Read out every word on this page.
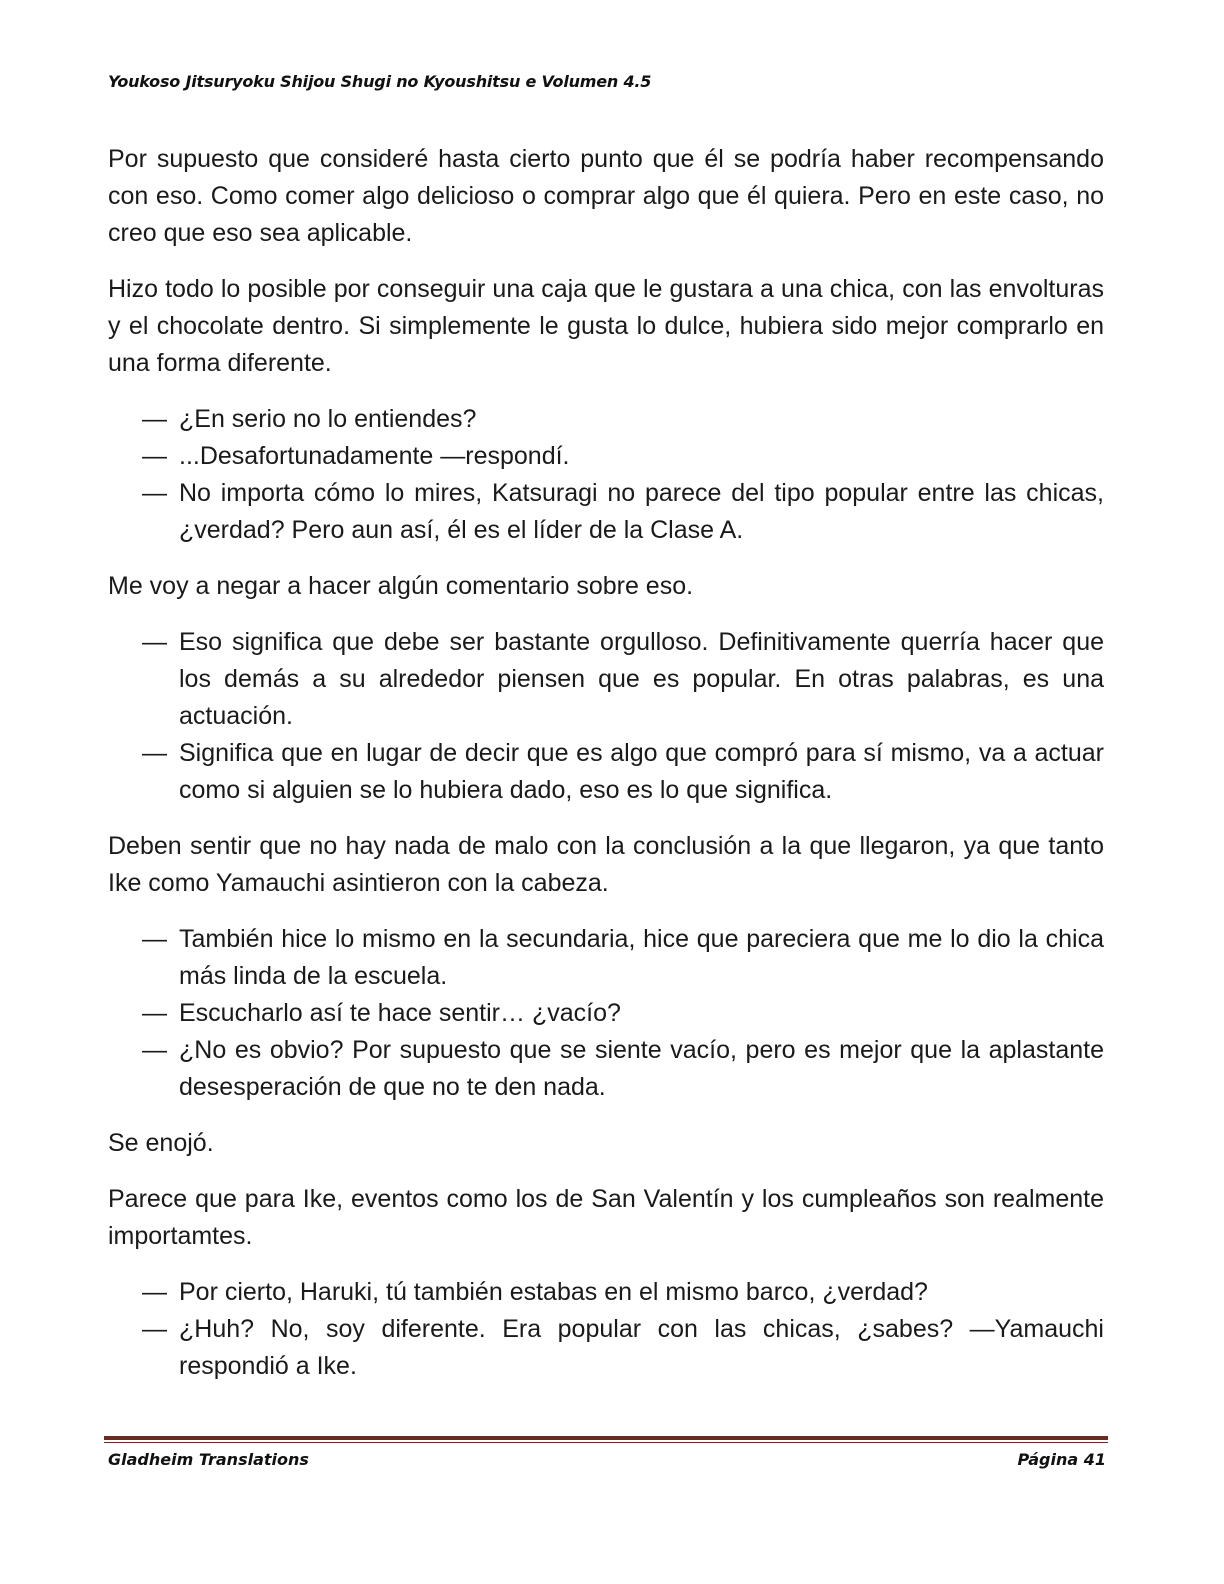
Youkoso Jitsuryoku Shijou Shugi no Kyoushitsu e Volumen 4.5

Por supuesto que consideré hasta cierto punto que él se podría haber recompensando con eso. Como comer algo delicioso o comprar algo que él quiera. Pero en este caso, no creo que eso sea aplicable.

Hizo todo lo posible por conseguir una caja que le gustara a una chica, con las envolturas y el chocolate dentro. Si simplemente le gusta lo dulce, hubiera sido mejor comprarlo en una forma diferente.

— ¿En serio no lo entiendes?
— ...Desafortunadamente —respondí.
— No importa cómo lo mires, Katsuragi no parece del tipo popular entre las chicas, ¿verdad? Pero aun así, él es el líder de la Clase A.

Me voy a negar a hacer algún comentario sobre eso.

— Eso significa que debe ser bastante orgulloso. Definitivamente querría hacer que los demás a su alrededor piensen que es popular. En otras palabras, es una actuación.
— Significa que en lugar de decir que es algo que compró para sí mismo, va a actuar como si alguien se lo hubiera dado, eso es lo que significa.

Deben sentir que no hay nada de malo con la conclusión a la que llegaron, ya que tanto Ike como Yamauchi asintieron con la cabeza.

— También hice lo mismo en la secundaria, hice que pareciera que me lo dio la chica más linda de la escuela.
— Escucharlo así te hace sentir… ¿vacío?
— ¿No es obvio? Por supuesto que se siente vacío, pero es mejor que la aplastante desesperación de que no te den nada.

Se enojó.

Parece que para Ike, eventos como los de San Valentín y los cumpleaños son realmente importamtes.

— Por cierto, Haruki, tú también estabas en el mismo barco, ¿verdad?
— ¿Huh? No, soy diferente. Era popular con las chicas, ¿sabes? —Yamauchi respondió a Ike.
Gladheim Translations	Página 41
